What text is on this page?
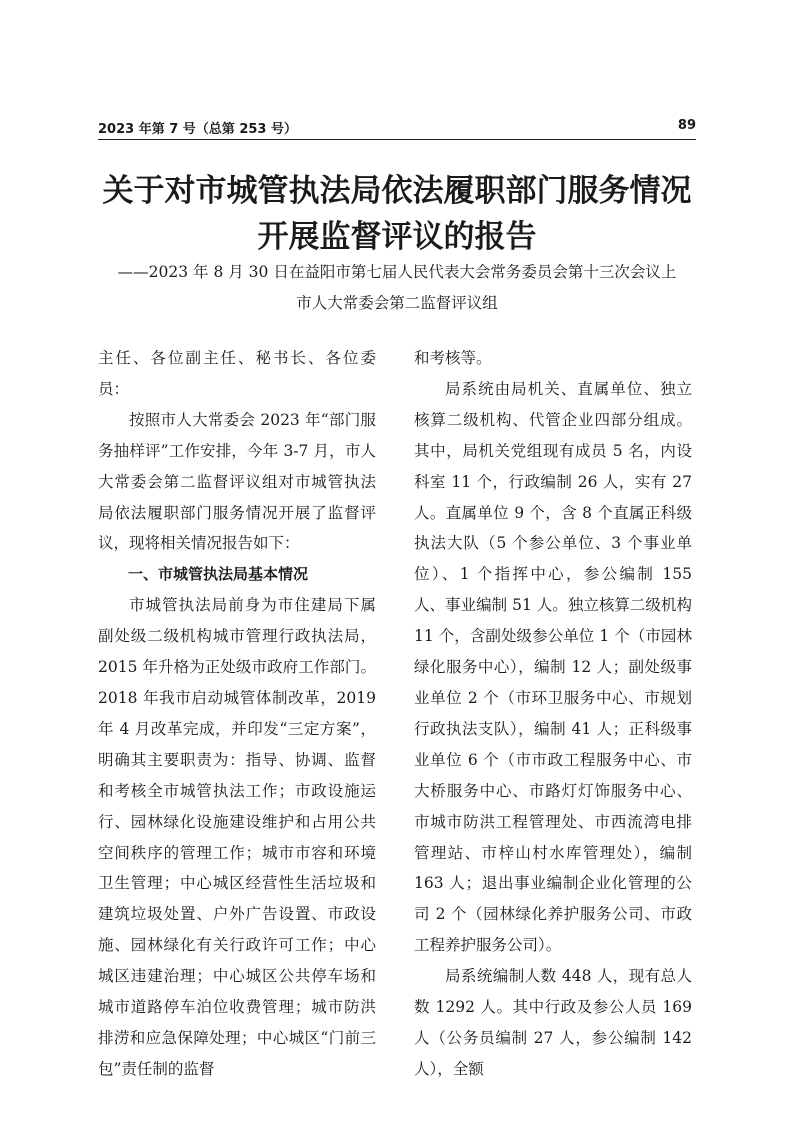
2023 年第 7 号（总第 253 号）	89
关于对市城管执法局依法履职部门服务情况
开展监督评议的报告
——2023 年 8 月 30 日在益阳市第七届人民代表大会常务委员会第十三次会议上
市人大常委会第二监督评议组

主任、各位副主任、秘书长、各位委员：

按照市人大常委会 2023 年“部门服务抽样评”工作安排，今年 3-7 月，市人大常委会第二监督评议组对市城管执法局依法履职部门服务情况开展了监督评议，现将相关情况报告如下：

一、市城管执法局基本情况

市城管执法局前身为市住建局下属副处级二级机构城市管理行政执法局，2015 年升格为正处级市政府工作部门。2018 年我市启动城管体制改革，2019 年 4 月改革完成，并印发“三定方案”，明确其主要职责为：指导、协调、监督和考核全市城管执法工作；市政设施运行、园林绿化设施建设维护和占用公共空间秩序的管理工作；城市市容和环境卫生管理；中心城区经营性生活垃圾和建筑垃圾处置、户外广告设置、市政设施、园林绿化有关行政许可工作；中心城区违建治理；中心城区公共停车场和城市道路停车泊位收费管理；城市防洪排涝和应急保障处理；中心城区“门前三包”责任制的监督

和考核等。

局系统由局机关、直属单位、独立核算二级机构、代管企业四部分组成。其中，局机关党组现有成员 5 名，内设科室 11 个，行政编制 26 人，实有 27 人。直属单位 9 个，含 8 个直属正科级执法大队（5 个参公单位、3 个事业单位）、1 个指挥中心，参公编制 155 人、事业编制 51 人。独立核算二级机构 11 个，含副处级参公单位 1 个（市园林绿化服务中心），编制 12 人；副处级事业单位 2 个（市环卫服务中心、市规划行政执法支队），编制 41 人；正科级事业单位 6 个（市市政工程服务中心、市大桥服务中心、市路灯灯饰服务中心、市城市防洪工程管理处、市西流湾电排管理站、市梓山村水库管理处），编制 163 人；退出事业编制企业化管理的公司 2 个（园林绿化养护服务公司、市政工程养护服务公司）。

局系统编制人数 448 人，现有总人数 1292 人。其中行政及参公人员 169 人（公务员编制 27 人，参公编制 142 人），全额
